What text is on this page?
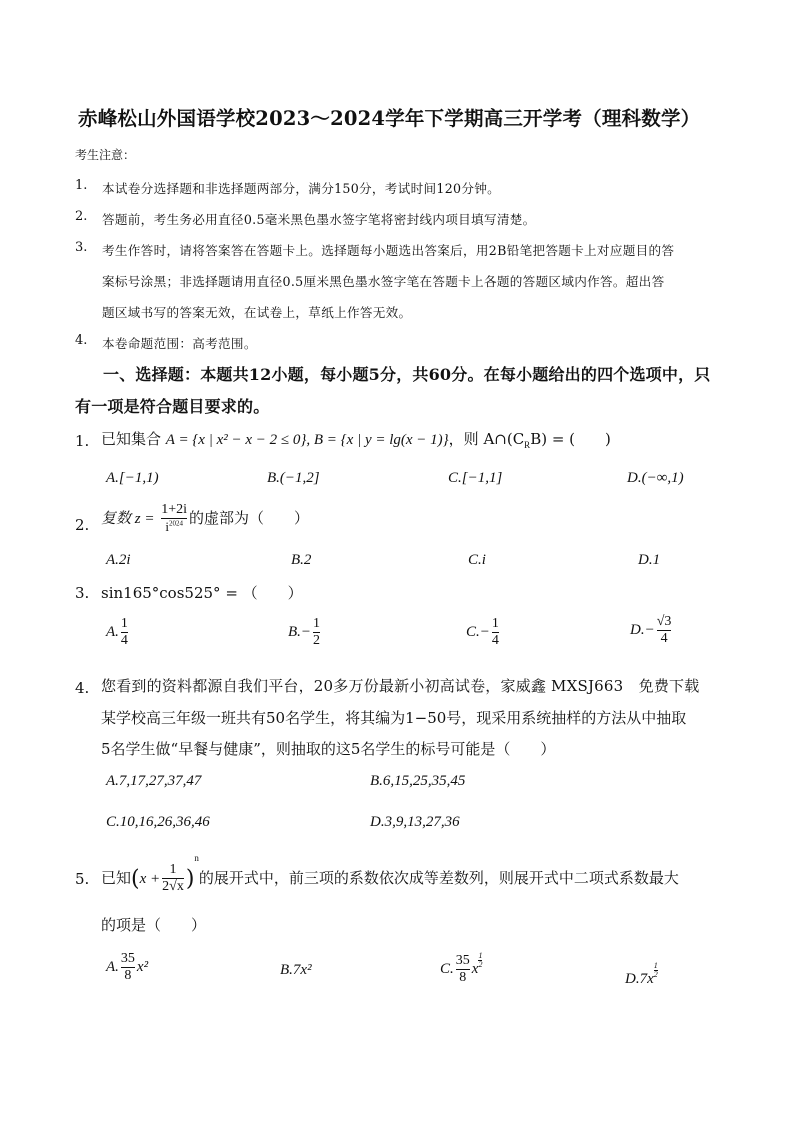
赤峰松山外国语学校2023～2024学年下学期高三开学考（理科数学）
考生注意：
1. 本试卷分选择题和非选择题两部分，满分150分，考试时间120分钟。
2. 答题前，考生务必用直径0.5毫米黑色墨水签字笔将密封线内项目填写清楚。
3. 考生作答时，请将答案答在答题卡上。选择题每小题选出答案后，用2B铅笔把答题卡上对应题目的答
案标号涂黑；非选择题请用直径0.5厘米黑色墨水签字笔在答题卡上各题的答题区域内作答。超出答
题区域书写的答案无效，在试卷上，草纸上作答无效。
4. 本卷命题范围：高考范围。
一、选择题：本题共12小题，每小题5分，共60分。在每小题给出的四个选项中，只
有一项是符合题目要求的。
1. 已知集合 A = {x | x² − x − 2 ≤ 0}, B = {x | y = lg(x − 1)}，则 $A\cap(C_RB)$ = (　　)
A.[−1,1)	B.(−1,2]	C.[−1,1]	D.(−∞,1)
2. 复数 $z = \frac{1+2i}{i^{2024}}$ 的虚部为（　　）
A.2i	B.2	C.i	D.1
3. sin165°cos525° = （　　）
A. $\frac{1}{4}$	$B.- \frac{1}{2}$	$C.- \frac{1}{4}$	$D.- \frac{√3}{4}$
4. 您看到的资料都源自我们平台，20多万份最新小初高试卷，家威鑫 MXSJ663　免费下载
某学校高三年级一班共有50名学生，将其编为1−50号，现采用系统抽样的方法从中抽取
5名学生做“早餐与健康”，则抽取的这5名学生的标号可能是（　　）
A.7,17,27,37,47	B.6,15,25,35,45
C.10,16,26,36,46	D.3,9,13,27,36
5. 已知$(x + \frac{1}{2√x} )^n$的展开式中，前三项的系数依次成等差数列，则展开式中二项式系数最大
的项是（　　）
A. $\frac{35}{8} x^2$	B.7x²	C. $\frac{35}{8}$ x $\frac{1}{2}$
$D.7x \frac{1}{2}$
